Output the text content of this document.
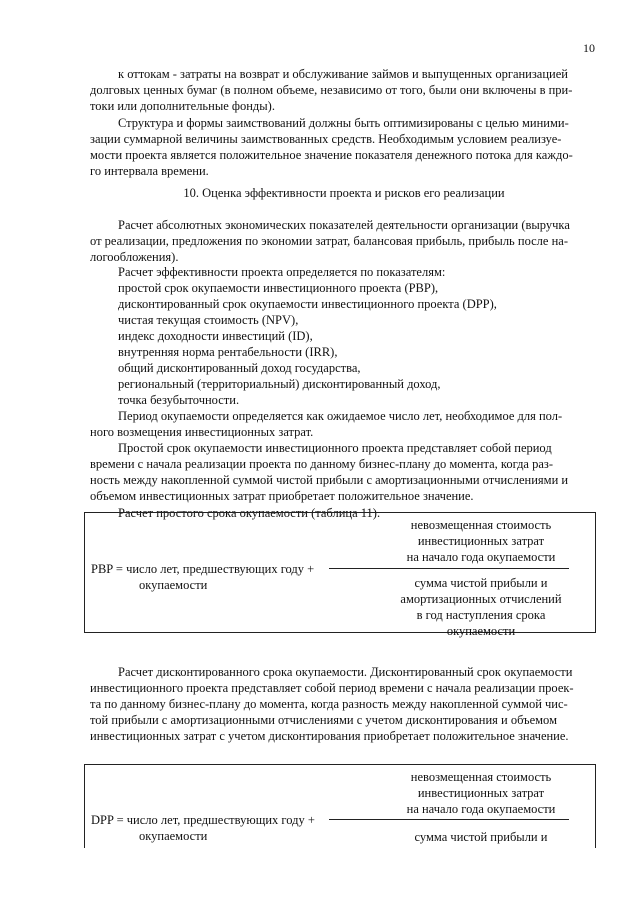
10
к оттокам - затраты на возврат и обслуживание займов и выпущенных организацией
долговых ценных бумаг (в полном объеме, независимо от того, были они включены в при-
токи или дополнительные фонды).
Структура и формы заимствований должны быть оптимизированы с целью миними-
зации суммарной величины заимствованных средств. Необходимым условием реализуе-
мости проекта является положительное значение показателя денежного потока для каждо-
го интервала времени.
10. Оценка эффективности проекта и рисков его реализации
Расчет абсолютных экономических показателей деятельности организации (выручка
от реализации, предложения по экономии затрат, балансовая прибыль, прибыль после на-
логообложения).
Расчет эффективности проекта определяется по показателям:
простой срок окупаемости инвестиционного проекта (PBP),
дисконтированный срок окупаемости инвестиционного проекта (DPP),
чистая текущая стоимость (NPV),
индекс доходности инвестиций (ID),
внутренняя норма рентабельности (IRR),
общий дисконтированный доход государства,
региональный (территориальный) дисконтированный доход,
точка безубыточности.
Период окупаемости определяется как ожидаемое число лет, необходимое для пол-
ного возмещения инвестиционных затрат.
Простой срок окупаемости инвестиционного проекта представляет собой период
времени с начала реализации проекта по данному бизнес-плану до момента, когда раз-
ность между накопленной суммой чистой прибыли с амортизационными отчислениями и
объемом инвестиционных затрат приобретает положительное значение.
Расчет простого срока окупаемости (таблица 11).
невозмещенная стоимость
инвестиционных затрат
на начало года окупаемости
PBP = число лет, предшествующих году +
окупаемости	сумма чистой прибыли и
амортизационных отчислений
в год наступления срока
окупаемости
Расчет дисконтированного срока окупаемости. Дисконтированный срок окупаемости
инвестиционного проекта представляет собой период времени с начала реализации проек-
та по данному бизнес-плану до момента, когда разность между накопленной суммой чис-
той прибыли с амортизационными отчислениями с учетом дисконтирования и объемом
инвестиционных затрат с учетом дисконтирования приобретает положительное значение.
невозмещенная стоимость
инвестиционных затрат
на начало года окупаемости
DPP = число лет, предшествующих году +
окупаемости	сумма чистой прибыли и
